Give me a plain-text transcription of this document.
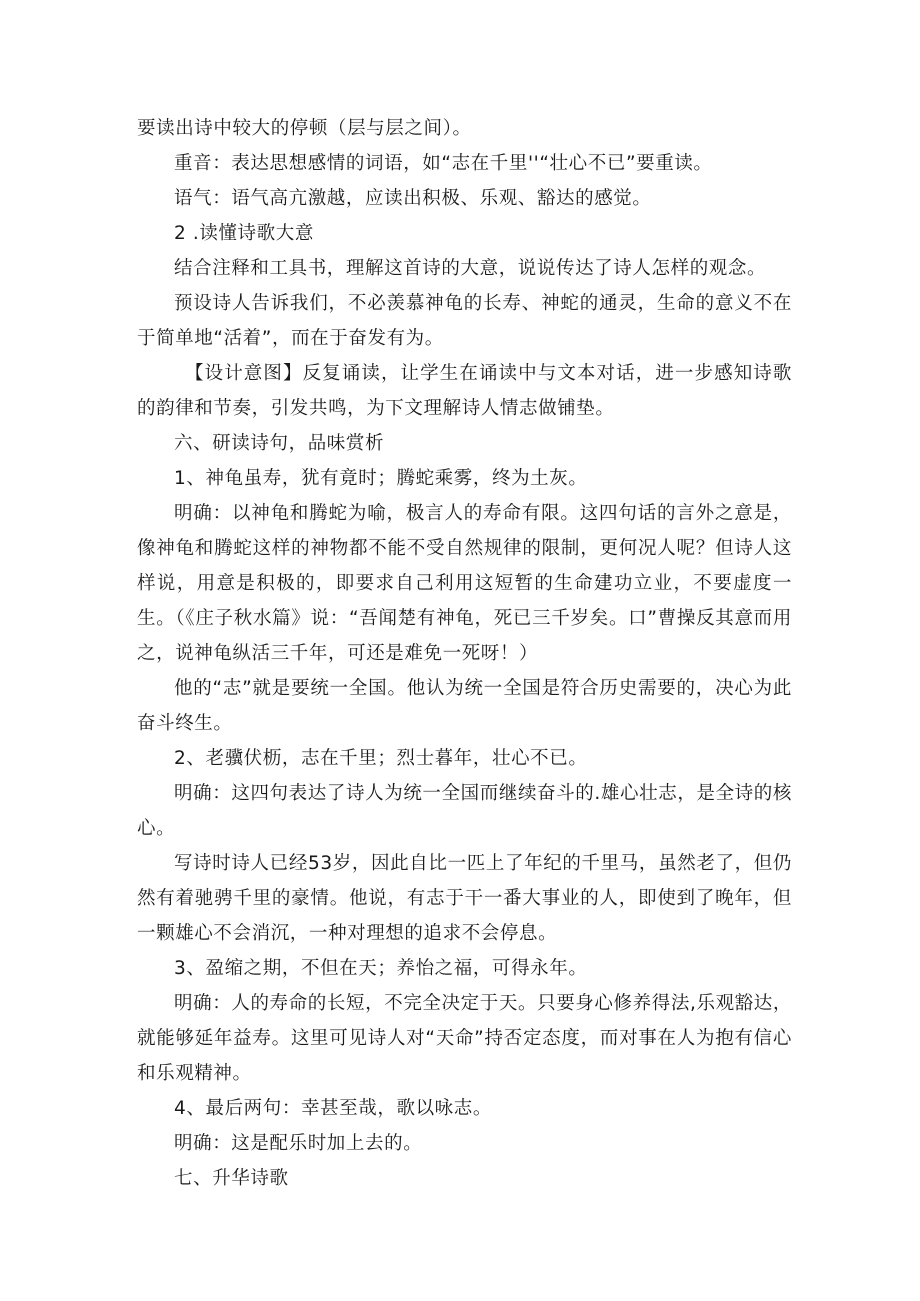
要读出诗中较大的停顿（层与层之间）。

重音：表达思想感情的词语，如“志在千里''“壮心不已”要重读。

语气：语气高亢激越，应读出积极、乐观、豁达的感觉。

2 .读懂诗歌大意

结合注释和工具书，理解这首诗的大意，说说传达了诗人怎样的观念。

预设诗人告诉我们，不必羡慕神龟的长寿、神蛇的通灵，生命的意义不在于简单地“活着”，而在于奋发有为。

【设计意图】反复诵读，让学生在诵读中与文本对话，进一步感知诗歌的韵律和节奏，引发共鸣，为下文理解诗人情志做铺垫。

六、研读诗句，品味赏析

1、神龟虽寿，犹有竟时；腾蛇乘雾，终为土灰。

明确：以神龟和腾蛇为喻，极言人的寿命有限。这四句话的言外之意是，像神龟和腾蛇这样的神物都不能不受自然规律的限制，更何况人呢？但诗人这样说，用意是积极的，即要求自己利用这短暂的生命建功立业，不要虚度一生。（《庄子秋水篇》说：“吾闻楚有神龟，死已三千岁矣。口”曹操反其意而用之，说神龟纵活三千年，可还是难免一死呀！）

他的“志”就是要统一全国。他认为统一全国是符合历史需要的，决心为此奋斗终生。

2、老骥伏枥，志在千里；烈士暮年，壮心不已。

明确：这四句表达了诗人为统一全国而继续奋斗的.雄心壮志，是全诗的核心。

写诗时诗人已经53岁，因此自比一匹上了年纪的千里马，虽然老了，但仍然有着驰骋千里的豪情。他说，有志于干一番大事业的人，即使到了晚年，但一颗雄心不会消沉，一种对理想的追求不会停息。

3、盈缩之期，不但在天；养怡之福，可得永年。

明确：人的寿命的长短，不完全决定于天。只要身心修养得法,乐观豁达，就能够延年益寿。这里可见诗人对“天命”持否定态度，而对事在人为抱有信心和乐观精神。

4、最后两句：幸甚至哉，歌以咏志。

明确：这是配乐时加上去的。

七、升华诗歌
